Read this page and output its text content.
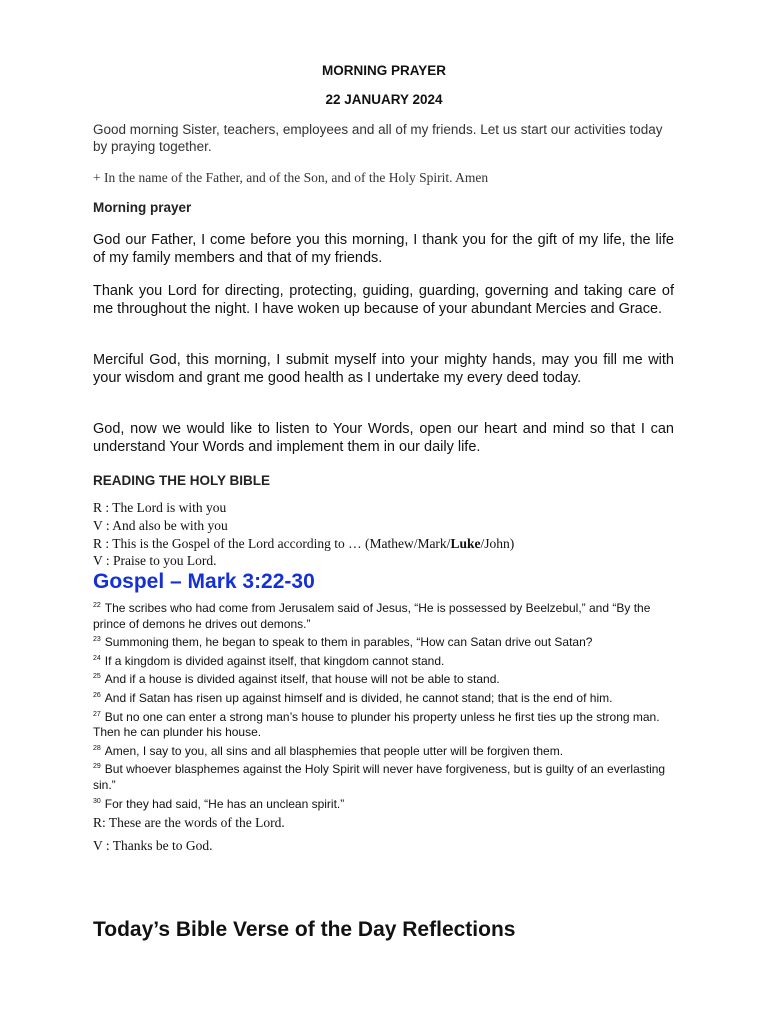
MORNING PRAYER
22 JANUARY 2024
Good morning Sister, teachers, employees and all of my friends. Let us start our activities today by praying together.
+ In the name of the Father, and of the Son, and of the Holy Spirit. Amen
Morning prayer
God our Father, I come before you this morning, I thank you for the gift of my life, the life of my family members and that of my friends.
Thank you Lord for directing, protecting, guiding, guarding, governing and taking care of me throughout the night. I have woken up because of your abundant Mercies and Grace.
Merciful God, this morning, I submit myself into your mighty hands, may you fill me with your wisdom and grant me good health as I undertake my every deed today.
God, now we would like to listen to Your Words, open our heart and mind so that I can understand Your Words and implement them in our daily life.
READING THE HOLY BIBLE
R : The Lord is with you
V : And also be with you
R : This is the Gospel of the Lord according to … (Mathew/Mark/Luke/John)
V : Praise to you Lord.
Gospel – Mark 3:22-30
$^{22}$ The scribes who had come from Jerusalem said of Jesus, “He is possessed by Beelzebul,” and “By the prince of demons he drives out demons.”
$^{23}$ Summoning them, he began to speak to them in parables, “How can Satan drive out Satan?
$^{24}$ If a kingdom is divided against itself, that kingdom cannot stand.
$^{25}$ And if a house is divided against itself, that house will not be able to stand.
$^{26}$ And if Satan has risen up against himself and is divided, he cannot stand; that is the end of him.
$^{27}$ But no one can enter a strong man’s house to plunder his property unless he first ties up the strong man. Then he can plunder his house.
$^{28}$ Amen, I say to you, all sins and all blasphemies that people utter will be forgiven them.
$^{29}$ But whoever blasphemes against the Holy Spirit will never have forgiveness, but is guilty of an everlasting sin.”
$^{30}$ For they had said, “He has an unclean spirit.”
R: These are the words of the Lord.
V : Thanks be to God.
Today’s Bible Verse of the Day Reflections
